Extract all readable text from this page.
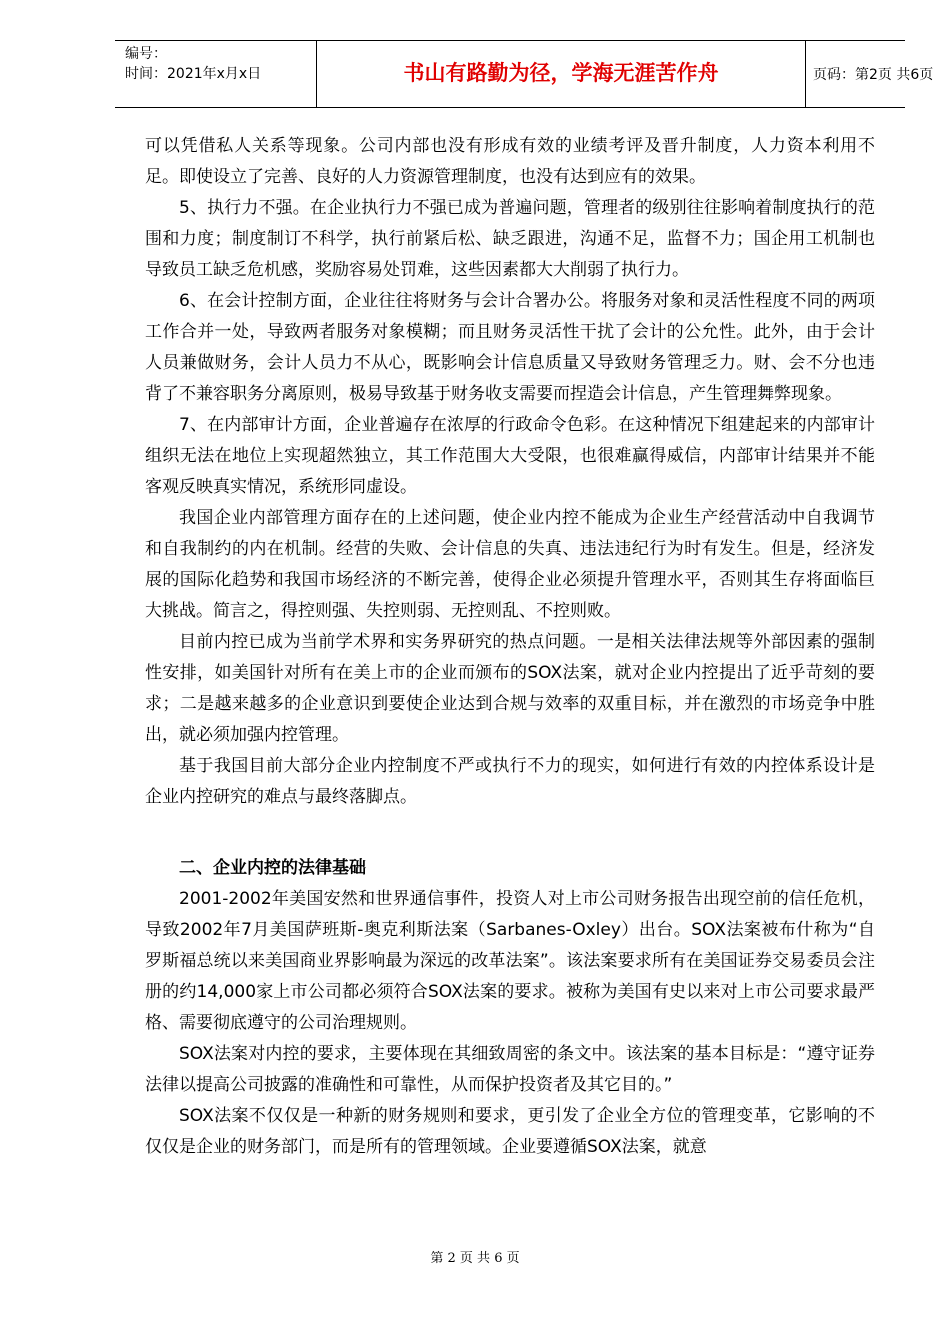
编号：
时间：2021年x月x日	书山有路勤为径，学海无涯苦作舟	页码：第2页 共6页

可以凭借私人关系等现象。公司内部也没有形成有效的业绩考评及晋升制度，人力资本利用不足。即使设立了完善、良好的人力资源管理制度，也没有达到应有的效果。

5、执行力不强。在企业执行力不强已成为普遍问题，管理者的级别往往影响着制度执行的范围和力度；制度制订不科学，执行前紧后松、缺乏跟进，沟通不足，监督不力；国企用工机制也导致员工缺乏危机感，奖励容易处罚难，这些因素都大大削弱了执行力。

6、在会计控制方面，企业往往将财务与会计合署办公。将服务对象和灵活性程度不同的两项工作合并一处，导致两者服务对象模糊；而且财务灵活性干扰了会计的公允性。此外，由于会计人员兼做财务，会计人员力不从心，既影响会计信息质量又导致财务管理乏力。财、会不分也违背了不兼容职务分离原则，极易导致基于财务收支需要而捏造会计信息，产生管理舞弊现象。

7、在内部审计方面，企业普遍存在浓厚的行政命令色彩。在这种情况下组建起来的内部审计组织无法在地位上实现超然独立，其工作范围大大受限，也很难赢得威信，内部审计结果并不能客观反映真实情况，系统形同虚设。

我国企业内部管理方面存在的上述问题，使企业内控不能成为企业生产经营活动中自我调节和自我制约的内在机制。经营的失败、会计信息的失真、违法违纪行为时有发生。但是，经济发展的国际化趋势和我国市场经济的不断完善，使得企业必须提升管理水平，否则其生存将面临巨大挑战。简言之，得控则强、失控则弱、无控则乱、不控则败。

目前内控已成为当前学术界和实务界研究的热点问题。一是相关法律法规等外部因素的强制性安排，如美国针对所有在美上市的企业而颁布的SOX法案，就对企业内控提出了近乎苛刻的要求；二是越来越多的企业意识到要使企业达到合规与效率的双重目标，并在激烈的市场竞争中胜出，就必须加强内控管理。

基于我国目前大部分企业内控制度不严或执行不力的现实，如何进行有效的内控体系设计是企业内控研究的难点与最终落脚点。

二、企业内控的法律基础

2001-2002年美国安然和世界通信事件，投资人对上市公司财务报告出现空前的信任危机，导致2002年7月美国萨班斯-奥克利斯法案（Sarbanes-Oxley）出台。SOX法案被布什称为“自罗斯福总统以来美国商业界影响最为深远的改革法案”。该法案要求所有在美国证券交易委员会注册的约14,000家上市公司都必须符合SOX法案的要求。被称为美国有史以来对上市公司要求最严格、需要彻底遵守的公司治理规则。

SOX法案对内控的要求，主要体现在其细致周密的条文中。该法案的基本目标是：“遵守证券法律以提高公司披露的准确性和可靠性，从而保护投资者及其它目的。”

SOX法案不仅仅是一种新的财务规则和要求，更引发了企业全方位的管理变革，它影响的不仅仅是企业的财务部门，而是所有的管理领域。企业要遵循SOX法案，就意

第 2 页 共 6 页
